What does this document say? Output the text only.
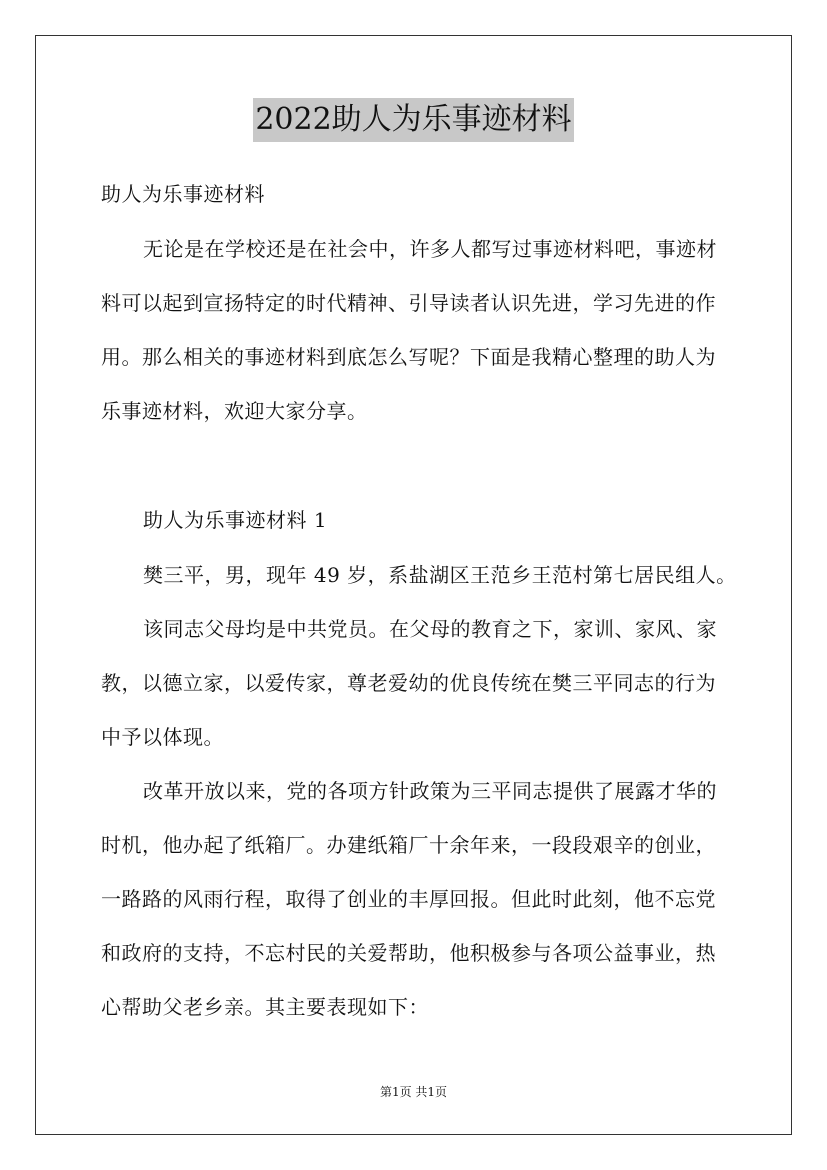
2022助人为乐事迹材料
助人为乐事迹材料
无论是在学校还是在社会中，许多人都写过事迹材料吧，事迹材
料可以起到宣扬特定的时代精神、引导读者认识先进，学习先进的作
用。那么相关的事迹材料到底怎么写呢？下面是我精心整理的助人为
乐事迹材料，欢迎大家分享。
助人为乐事迹材料 1
樊三平，男，现年 49 岁，系盐湖区王范乡王范村第七居民组人。
该同志父母均是中共党员。在父母的教育之下，家训、家风、家
教，以德立家，以爱传家，尊老爱幼的优良传统在樊三平同志的行为
中予以体现。
改革开放以来，党的各项方针政策为三平同志提供了展露才华的
时机，他办起了纸箱厂。办建纸箱厂十余年来，一段段艰辛的创业，
一路路的风雨行程，取得了创业的丰厚回报。但此时此刻，他不忘党
和政府的支持，不忘村民的关爱帮助，他积极参与各项公益事业，热
心帮助父老乡亲。其主要表现如下：
第1页 共1页
